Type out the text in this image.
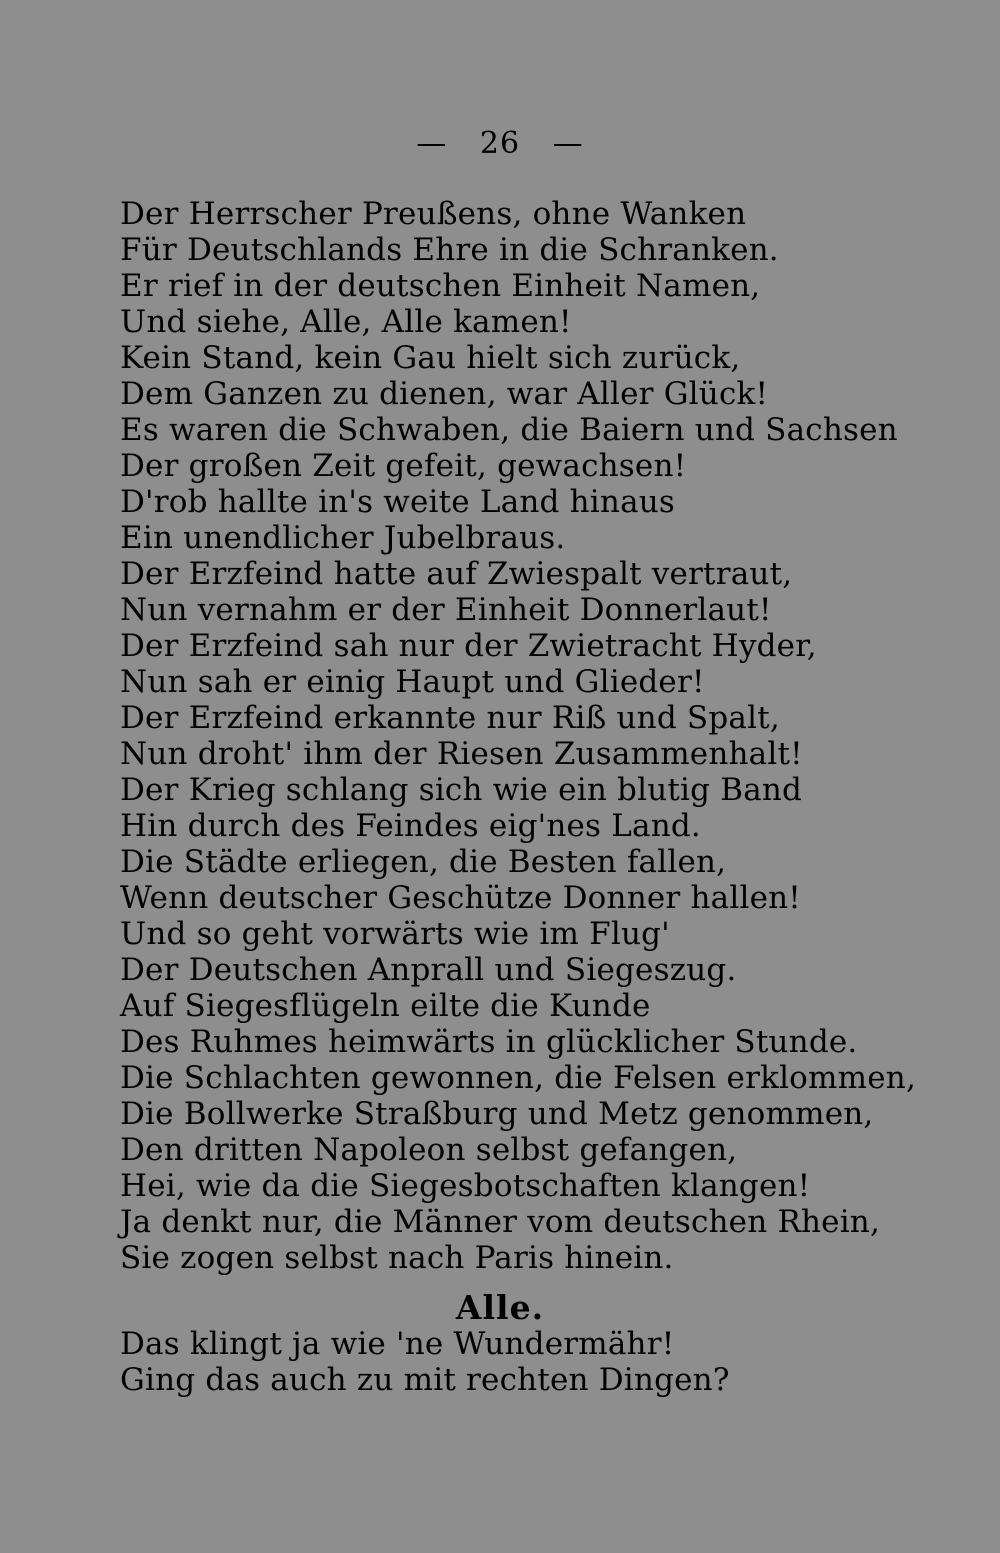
— 26 —
Der Herrscher Preußens, ohne Wanken
Für Deutschlands Ehre in die Schranken.
Er rief in der deutschen Einheit Namen,
Und siehe, Alle, Alle kamen!
Kein Stand, kein Gau hielt sich zurück,
Dem Ganzen zu dienen, war Aller Glück!
Es waren die Schwaben, die Baiern und Sachsen
Der großen Zeit gefeit, gewachsen!
D'rob hallte in's weite Land hinaus
Ein unendlicher Jubelbraus.
Der Erzfeind hatte auf Zwiespalt vertraut,
Nun vernahm er der Einheit Donnerlaut!
Der Erzfeind sah nur der Zwietracht Hyder,
Nun sah er einig Haupt und Glieder!
Der Erzfeind erkannte nur Riß und Spalt,
Nun droht' ihm der Riesen Zusammenhalt!
Der Krieg schlang sich wie ein blutig Band
Hin durch des Feindes eig'nes Land.
Die Städte erliegen, die Besten fallen,
Wenn deutscher Geschütze Donner hallen!
Und so geht vorwärts wie im Flug'
Der Deutschen Anprall und Siegeszug.
Auf Siegesflügeln eilte die Kunde
Des Ruhmes heimwärts in glücklicher Stunde.
Die Schlachten gewonnen, die Felsen erklommen,
Die Bollwerke Straßburg und Metz genommen,
Den dritten Napoleon selbst gefangen,
Hei, wie da die Siegesbotschaften klangen!
Ja denkt nur, die Männer vom deutschen Rhein,
Sie zogen selbst nach Paris hinein.
Alle.
Das klingt ja wie 'ne Wundermähr!
Ging das auch zu mit rechten Dingen?
